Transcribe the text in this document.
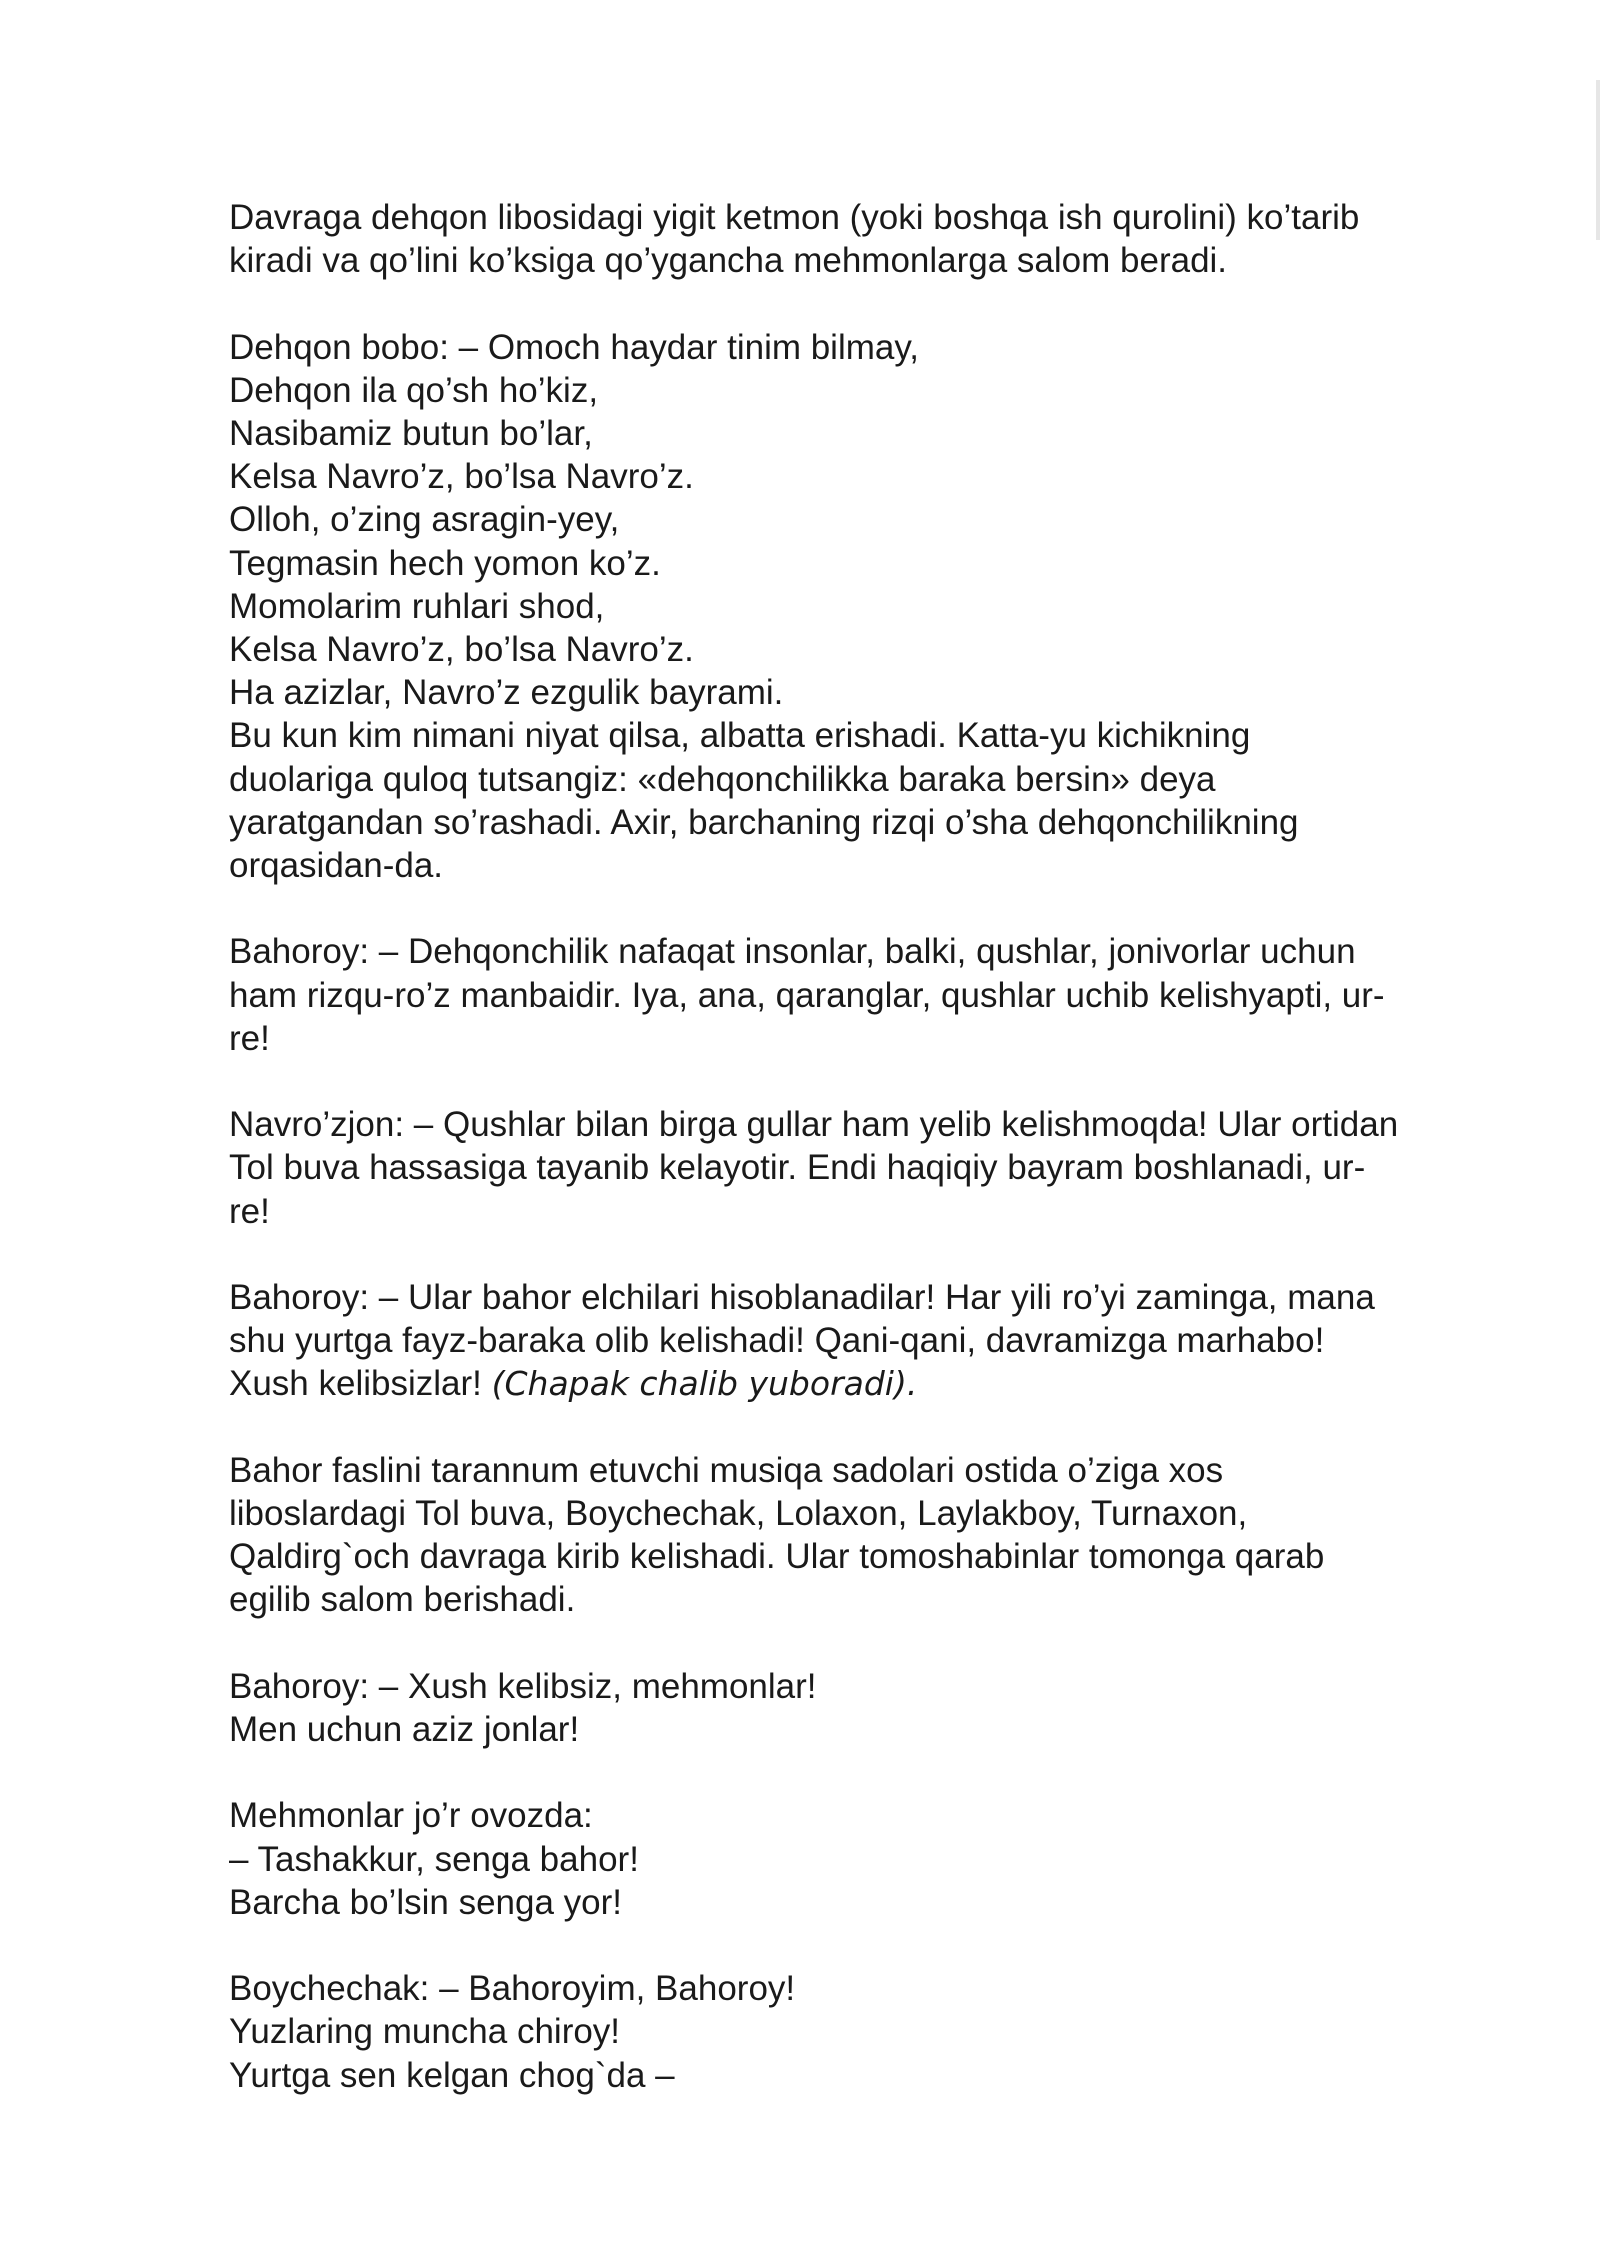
Davraga dehqon libosidagi yigit ketmon (yoki boshqa ish qurolini) ko’tarib
kiradi va qo’lini ko’ksiga qo’yganchа mehmonlarga salom beradi.

Dehqon bobo: – Omoch haydar tinim bilmay,
Dehqon ila qo’sh ho’kiz,
Nasibamiz butun bo’lar,
Kelsa Navro’z, bo’lsa Navro’z.
Olloh, o’zing asragin-yey,
Tegmasin hech yomon ko’z.
Momolarim ruhlari shod,
Kelsa Navro’z, bo’lsa Navro’z.
Ha azizlar, Navro’z ezgulik bayrami.
Bu kun kim nimani niyat qilsa, albatta erishadi. Katta-yu kichikning
duolariga quloq tutsangiz: «dehqonchilikka baraka bersin» deya
yaratgandan so’rashadi. Axir, barchaning rizqi o’sha dehqonchilikning
orqasidan-da.

Bahoroy: – Dehqonchilik nafaqat insonlar, balki, qushlar, jonivorlar uchun
ham rizqu-ro’z manbaidir. Iya, ana, qaranglar, qushlar uchib kelishyapti, ur-
re!

Navro’zjon: – Qushlar bilan birga gullar ham yelib kelishmoqda! Ular ortidan
Tol buva hassasiga tayanib kelayotir. Endi haqiqiy bayram boshlanadi, ur-
re!

Bahoroy: – Ular bahor elchilari hisoblanadilar! Har yili ro’yi zaminga, mana
shu yurtga fayz-baraka olib kelishadi! Qani-qani, davramizga marhabo!
Xush kelibsizlar! (Chapak chalib yuboradi).

Bahor faslini tarannum etuvchi musiqa sadolari ostida o’ziga xos
liboslardagi Tol buva, Boychechak, Lolaxon, Laylakboy, Turnaxon,
Qaldirg`och davraga kirib kelishadi. Ular tomoshabinlar tomonga qarab
egilib salom berishadi.

Bahoroy: – Xush kelibsiz, mehmonlar!
Men uchun aziz jonlar!

Mehmonlar jo’r ovozda:
– Tashakkur, senga bahor!
Barcha bo’lsin senga yor!

Boychechak: – Bahoroyim, Bahoroy!
Yuzlaring muncha chiroy!
Yurtga sen kelgan chog`da –
